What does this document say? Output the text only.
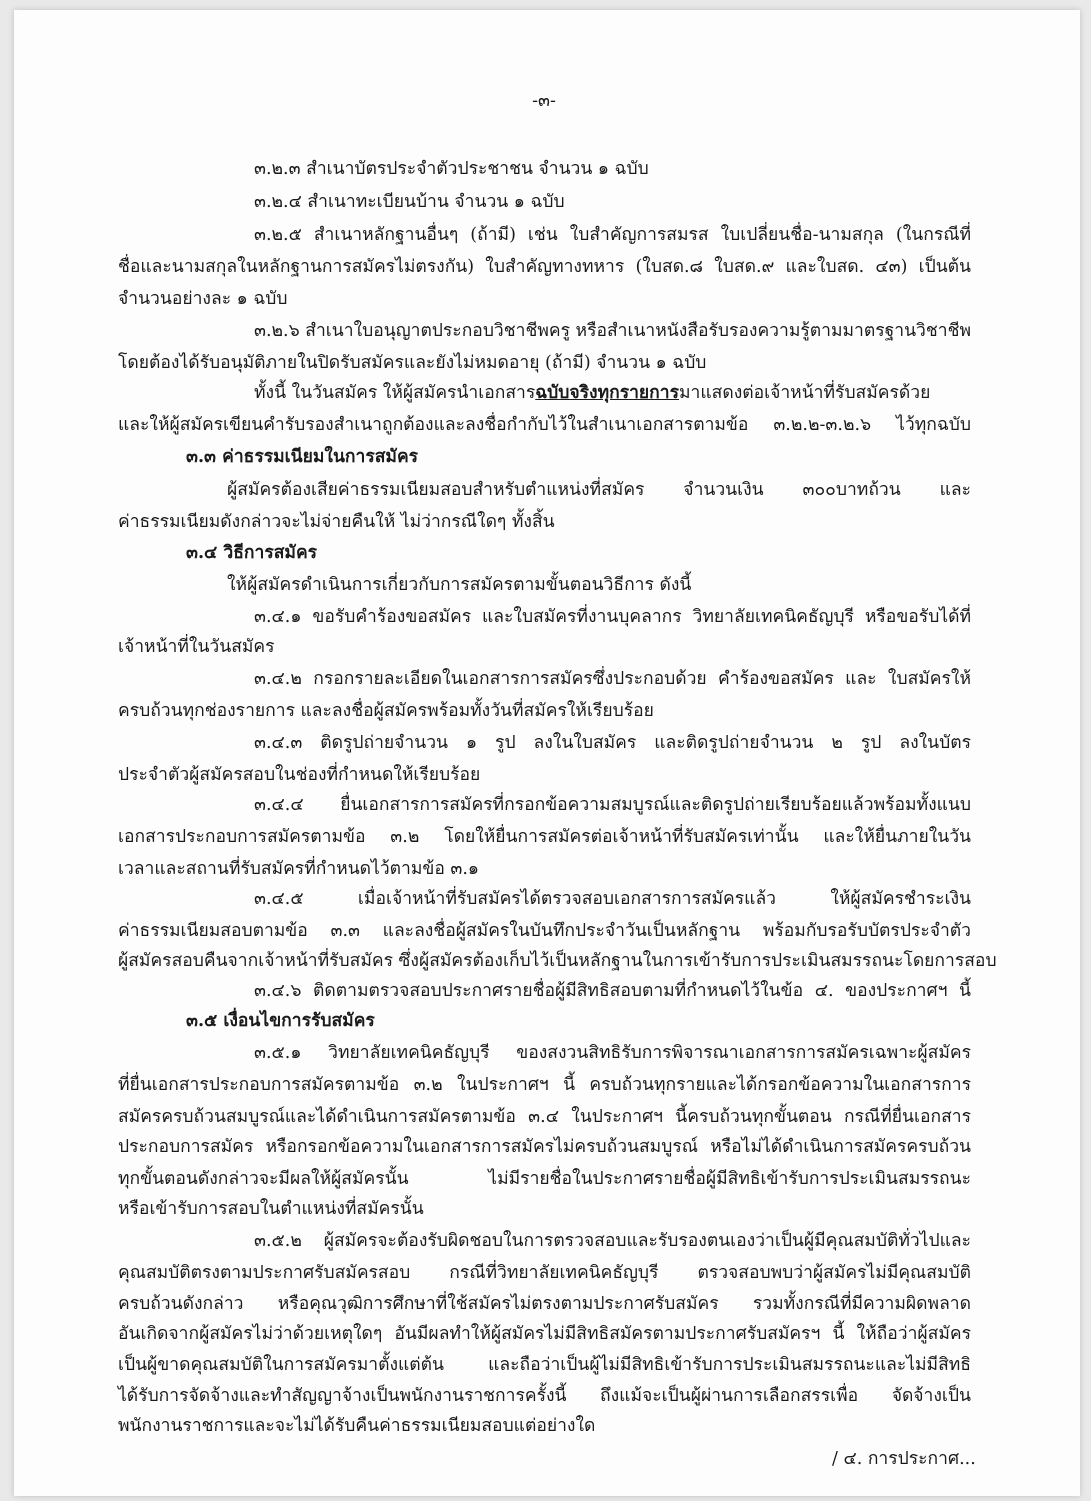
-๓-
๓.๒.๓ สำเนาบัตรประจำตัวประชาชน จำนวน ๑ ฉบับ
๓.๒.๔ สำเนาทะเบียนบ้าน จำนวน ๑ ฉบับ
๓.๒.๕ สำเนาหลักฐานอื่นๆ (ถ้ามี) เช่น ใบสำคัญการสมรส ใบเปลี่ยนชื่อ-นามสกุล (ในกรณีที่
ชื่อและนามสกุลในหลักฐานการสมัครไม่ตรงกัน) ใบสำคัญทางทหาร (ใบสด.๘ ใบสด.๙ และใบสด. ๔๓) เป็นต้น
จำนวนอย่างละ ๑ ฉบับ
๓.๒.๖ สำเนาใบอนุญาตประกอบวิชาชีพครู หรือสำเนาหนังสือรับรองความรู้ตามมาตรฐานวิชาชีพ
โดยต้องได้รับอนุมัติภายในปิดรับสมัครและยังไม่หมดอายุ (ถ้ามี) จำนวน ๑ ฉบับ
ทั้งนี้ ในวันสมัคร ให้ผู้สมัครนำเอกสารฉบับจริงทุกรายการมาแสดงต่อเจ้าหน้าที่รับสมัครด้วย
และให้ผู้สมัครเขียนคำรับรองสำเนาถูกต้องและลงชื่อกำกับไว้ในสำเนาเอกสารตามข้อ ๓.๒.๒-๓.๒.๖ ไว้ทุกฉบับ
๓.๓ ค่าธรรมเนียมในการสมัคร
ผู้สมัครต้องเสียค่าธรรมเนียมสอบสำหรับตำแหน่งที่สมัคร จำนวนเงิน ๓๐๐บาทถ้วน และ
ค่าธรรมเนียมดังกล่าวจะไม่จ่ายคืนให้ ไม่ว่ากรณีใดๆ ทั้งสิ้น
๓.๔ วิธีการสมัคร
ให้ผู้สมัครดำเนินการเกี่ยวกับการสมัครตามขั้นตอนวิธีการ ดังนี้
๓.๔.๑ ขอรับคำร้องขอสมัคร และใบสมัครที่งานบุคลากร วิทยาลัยเทคนิคธัญบุรี หรือขอรับได้ที่
เจ้าหน้าที่ในวันสมัคร
๓.๔.๒ กรอกรายละเอียดในเอกสารการสมัครซึ่งประกอบด้วย คำร้องขอสมัคร และ ใบสมัครให้
ครบถ้วนทุกช่องรายการ และลงชื่อผู้สมัครพร้อมทั้งวันที่สมัครให้เรียบร้อย
๓.๔.๓ ติดรูปถ่ายจำนวน ๑ รูป ลงในใบสมัคร และติดรูปถ่ายจำนวน ๒ รูป ลงในบัตร
ประจำตัวผู้สมัครสอบในช่องที่กำหนดให้เรียบร้อย
๓.๔.๔ ยื่นเอกสารการสมัครที่กรอกข้อความสมบูรณ์และติดรูปถ่ายเรียบร้อยแล้วพร้อมทั้งแนบ
เอกสารประกอบการสมัครตามข้อ ๓.๒ โดยให้ยื่นการสมัครต่อเจ้าหน้าที่รับสมัครเท่านั้น และให้ยื่นภายในวัน
เวลาและสถานที่รับสมัครที่กำหนดไว้ตามข้อ ๓.๑
๓.๔.๕ เมื่อเจ้าหน้าที่รับสมัครได้ตรวจสอบเอกสารการสมัครแล้ว ให้ผู้สมัครชำระเงิน
ค่าธรรมเนียมสอบตามข้อ ๓.๓ และลงชื่อผู้สมัครในบันทึกประจำวันเป็นหลักฐาน พร้อมกับรอรับบัตรประจำตัว
ผู้สมัครสอบคืนจากเจ้าหน้าที่รับสมัคร ซึ่งผู้สมัครต้องเก็บไว้เป็นหลักฐานในการเข้ารับการประเมินสมรรถนะโดยการสอบ
๓.๔.๖ ติดตามตรวจสอบประกาศรายชื่อผู้มีสิทธิสอบตามที่กำหนดไว้ในข้อ ๔. ของประกาศฯ นี้
๓.๕ เงื่อนไขการรับสมัคร
๓.๕.๑ วิทยาลัยเทคนิคธัญบุรี ของสงวนสิทธิรับการพิจารณาเอกสารการสมัครเฉพาะผู้สมัคร
ที่ยื่นเอกสารประกอบการสมัครตามข้อ ๓.๒ ในประกาศฯ นี้ ครบถ้วนทุกรายและได้กรอกข้อความในเอกสารการ
สมัครครบถ้วนสมบูรณ์และได้ดำเนินการสมัครตามข้อ ๓.๔ ในประกาศฯ นี้ครบถ้วนทุกขั้นตอน กรณีที่ยื่นเอกสาร
ประกอบการสมัคร หรือกรอกข้อความในเอกสารการสมัครไม่ครบถ้วนสมบูรณ์ หรือไม่ได้ดำเนินการสมัครครบถ้วน
ทุกขั้นตอนดังกล่าวจะมีผลให้ผู้สมัครนั้น ไม่มีรายชื่อในประกาศรายชื่อผู้มีสิทธิเข้ารับการประเมินสมรรถนะ
หรือเข้ารับการสอบในตำแหน่งที่สมัครนั้น
๓.๕.๒ ผู้สมัครจะต้องรับผิดชอบในการตรวจสอบและรับรองตนเองว่าเป็นผู้มีคุณสมบัติทั่วไปและ
คุณสมบัติตรงตามประกาศรับสมัครสอบ กรณีที่วิทยาลัยเทคนิคธัญบุรี ตรวจสอบพบว่าผู้สมัครไม่มีคุณสมบัติ
ครบถ้วนดังกล่าว หรือคุณวุฒิการศึกษาที่ใช้สมัครไม่ตรงตามประกาศรับสมัคร รวมทั้งกรณีที่มีความผิดพลาด
อันเกิดจากผู้สมัครไม่ว่าด้วยเหตุใดๆ อันมีผลทำให้ผู้สมัครไม่มีสิทธิสมัครตามประกาศรับสมัครฯ นี้ ให้ถือว่าผู้สมัคร
เป็นผู้ขาดคุณสมบัติในการสมัครมาตั้งแต่ต้น และถือว่าเป็นผู้ไม่มีสิทธิเข้ารับการประเมินสมรรถนะและไม่มีสิทธิ
ได้รับการจัดจ้างและทำสัญญาจ้างเป็นพนักงานราชการครั้งนี้ ถึงแม้จะเป็นผู้ผ่านการเลือกสรรเพื่อ จัดจ้างเป็น
พนักงานราชการและจะไม่ได้รับคืนค่าธรรมเนียมสอบแต่อย่างใด
/ ๔. การประกาศ...
